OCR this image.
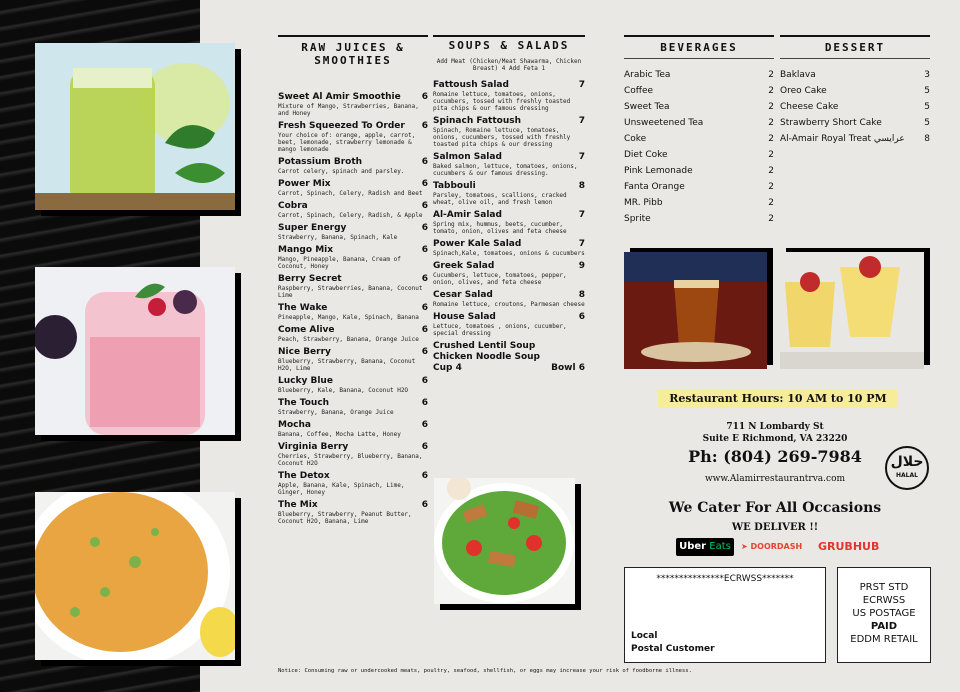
RAW JUICES & SMOOTHIES
Sweet Al Amir Smoothie 6
Mixture of Mango, Strawberries, Banana, and Honey
Fresh Squeezed To Order 6
Your choice of: orange, apple, carrot, beet, lemonade, strawberry lemonade & mango lemonade
Potassium Broth	6
Carrot celery, spinach and parsley.
Power Mix	6
Carrot, Spinach, Celery, Radish and Beet
Cobra	6
Carrot, Spinach, Celery, Radish, & Apple
Super Energy	6
Strawberry, Banana, Spinach, Kale
Mango Mix	6
Mango, Pineapple, Banana, Cream of Coconut, Honey
Berry Secret	6
Raspberry, Strawberries, Banana, Coconut Lime
The Wake	6
Pineapple, Mango, Kale, Spinach, Banana
Come Alive	6
Peach, Strawberry, Banana, Orange Juice
Nice Berry	6
Blueberry, Strawberry, Banana, Coconut H2O, Lime
Lucky Blue	6
Blueberry, Kale, Banana, Coconut H2O
The Touch	6
Strawberry, Banana, Orange Juice
Mocha	6
Banana, Coffee, Mocha Latte, Honey
Virginia Berry	6
Cherries, Strawberry, Blueberry, Banana, Coconut H2O
The Detox	6
Apple, Banana, Kale, Spinach, Lime, Ginger, Honey
The Mix	6
Blueberry, Strawberry, Peanut Butter, Coconut H2O, Banana, Lime
SOUPS & SALADS
Add Meat (Chicken/Meat Shawarma, Chicken Breast) 4 Add Feta 1
Fattoush Salad	7
Romaine lettuce, tomatoes, onions, cucumbers, tossed with freshly toasted pita chips & our famous dressing
Spinach Fattoush	7
Spinach, Romaine lettuce, tomatoes, onions, cucumbers, tossed with freshly toasted pita chips & our dressing
Salmon Salad	7
Baked salmon, lettuce, tomatoes, onions, cucumbers & our famous dressing.
Tabbouli	8
Parsley, tomatoes, scallions, cracked wheat, olive oil, and fresh lemon
Al-Amir Salad	7
Spring mix, hummus, beets, cucumber, tomato, onion, olives and feta cheese
Power Kale Salad	7
Spinach,Kale, tomatoes, onions & cucumbers
Greek Salad	9
Cucumbers, lettuce, tomatoes, pepper, onion, olives, and feta cheese
Cesar Salad	8
Romaine lettuce, croutons, Parmesan cheese
House Salad	6
Lettuce, tomatoes , onions, cucumber, special dressing
Crushed Lentil Soup
Chicken Noodle Soup
Cup 4	Bowl 6
BEVERAGES
Arabic Tea	2
Coffee	2
Sweet Tea	2
Unsweetened Tea	2
Coke	2
Diet Coke	2
Pink Lemonade	2
Fanta Orange	2
MR. Pibb	2
Sprite	2
DESSERT
Baklava	3
Oreo Cake	5
Cheese Cake	5
Strawberry Short Cake	5
Al-Amair Royal Treat عرايسي 8
Restaurant Hours: 10 AM to 10 PM
711 N Lombardy St
Suite E Richmond, VA 23220
Ph: (804) 269-7984
www.Alamirrestaurantrva.com
حلال
HALAL
We Cater For All Occasions
WE DELIVER !!
Uber Eats	➤ DOORDASH	GRUBHUB
***************ECRWSS*******
Local
Postal Customer
PRST STD
ECRWSS
US POSTAGE
PAID
EDDM RETAIL
Notice: Consuming raw or undercooked meats, poultry, seafood, shellfish, or eggs may increase your risk of foodborne illness.
